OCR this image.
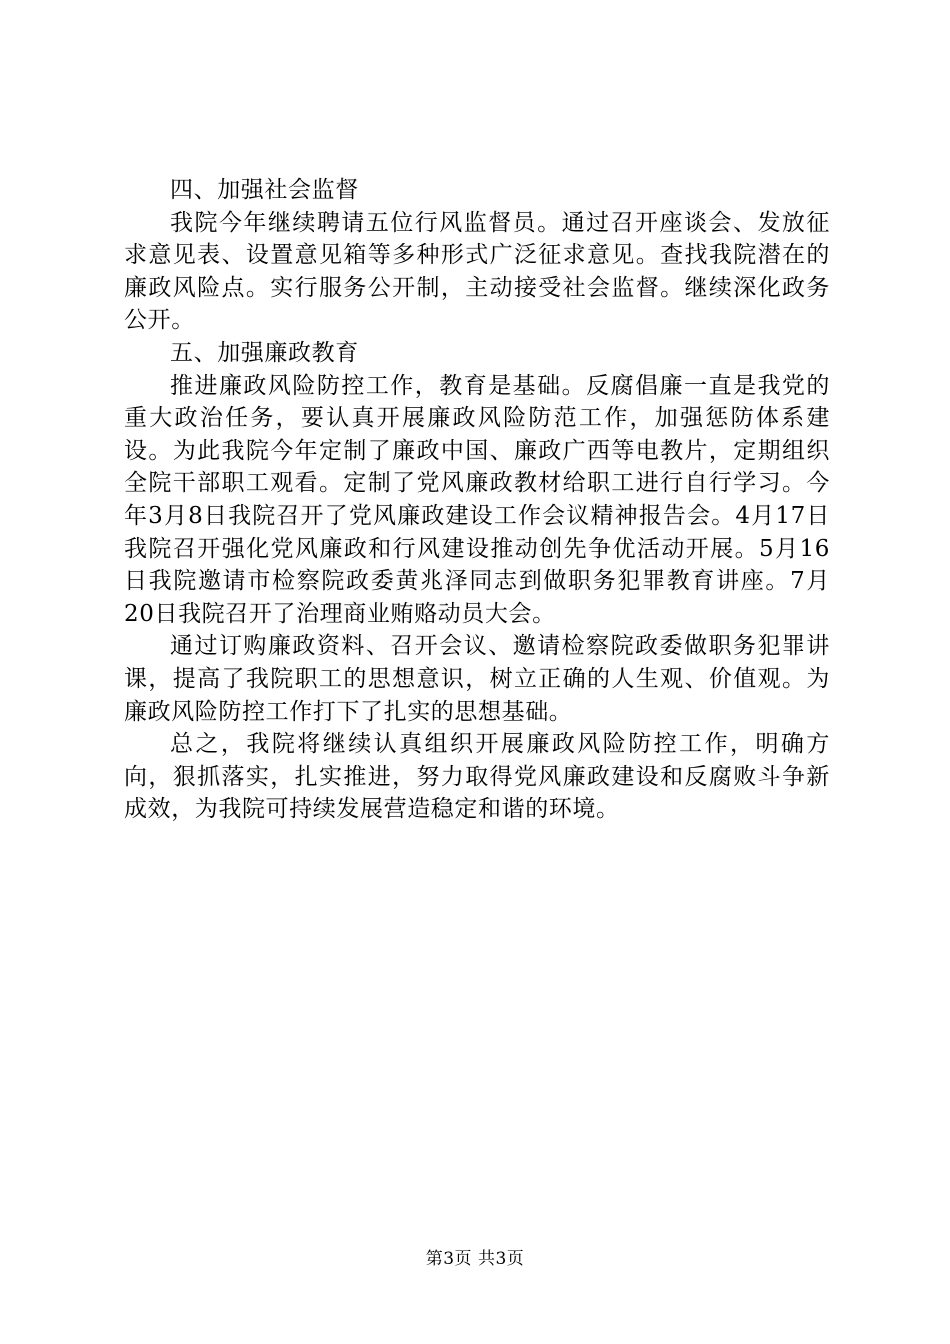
四、加强社会监督

我院今年继续聘请五位行风监督员。通过召开座谈会、发放征求意见表、设置意见箱等多种形式广泛征求意见。查找我院潜在的廉政风险点。实行服务公开制，主动接受社会监督。继续深化政务公开。

五、加强廉政教育

推进廉政风险防控工作，教育是基础。反腐倡廉一直是我党的重大政治任务，要认真开展廉政风险防范工作，加强惩防体系建设。为此我院今年定制了廉政中国、廉政广西等电教片，定期组织全院干部职工观看。定制了党风廉政教材给职工进行自行学习。今年3月8日我院召开了党风廉政建设工作会议精神报告会。4月17日我院召开强化党风廉政和行风建设推动创先争优活动开展。5月16日我院邀请市检察院政委黄兆泽同志到做职务犯罪教育讲座。7月20日我院召开了治理商业贿赂动员大会。

通过订购廉政资料、召开会议、邀请检察院政委做职务犯罪讲课，提高了我院职工的思想意识，树立正确的人生观、价值观。为廉政风险防控工作打下了扎实的思想基础。

总之，我院将继续认真组织开展廉政风险防控工作，明确方向，狠抓落实，扎实推进，努力取得党风廉政建设和反腐败斗争新成效，为我院可持续发展营造稳定和谐的环境。

第3页 共3页
